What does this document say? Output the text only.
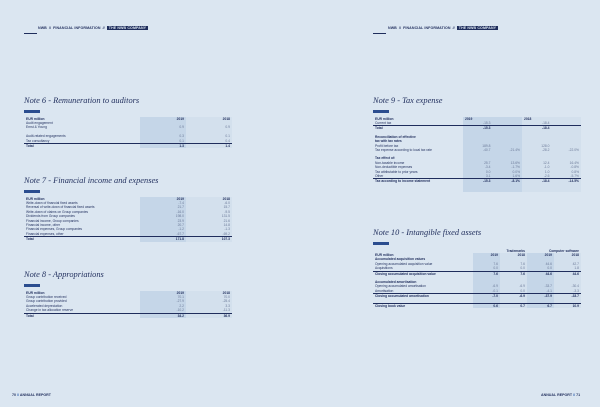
NWB // FINANCIAL INFORMATION //	THE NWB COMPANY	NWB // FINANCIAL INFORMATION //	THE NWB COMPANY
Note 6 - Remuneration to auditors
EUR million	2019	2018
Audit engagement		
Ernst & Young	0.9	0.9

Audit-related engagements	0.3	0.1
Tax consultancy	0.1	0.4
Total	1.3	1.4
Note 7 - Financial income and expenses
EUR million	2019	2018
Write-down of financial fixed assets	-7.4	-6.0
Reversal of write-down of financial fixed assets	21.7	15.7
Write-down of claims on Group companies	-16.0	-9.5
Dividends from Group companies	198.0	131.5
Financial income, Group companies	23.9	21.6
Financial income, other	20.7	14.8
Financial expenses, Group companies	-1.2	-1.3
Financial expenses, other	-67.7	-69.2
Total	171.8	107.3
Note 8 - Appropriations
EUR million	2019	2018
Group contribution received	70.1	70.0
Group contribution provided	-27.9	-25.4
Accelerated depreciation	2.2	3.3
Change in tax allocation reserve	-10.2	-11.3
Total	34.2	36.9
Note 9 - Tax expense
EUR million	2019		2018	
Current tax	-15.3		-18.4	
Total	-15.3		-18.4	

Reconciliation of effective				
tax with tax rates				
Profit before tax	189.8		128.0	
Tax expense according to local tax rate	-40.7	-21.4%	-28.2	-22.0%

Tax effect of:				
Non-taxable income	25.7	13.6%	12.4	16.4%
Non-deductible expenses	-3.4	-1.7%	-1.0	-0.8%
Tax attributable to prior years	0.0	0.0%	1.0	0.8%
Other	3.1	1.6%	-2.6	-5.7%
Tax according to income statement	-15.3	-8.1%	-18.4	-14.5%

Note 10 - Intangible fixed assets
	Trademarks		Computer software	
EUR million	2019	2018	2019	2018
Accumulated acquisition values				
Opening accumulated acquisition value	7.6	7.6	44.6	42.7
Acquisitions	0.0	0.0	0.0	1.8
Closing accumulated acquisition value	7.6	7.6	44.6	44.6

Accumulated amortisation				
Opening accumulated amortisation	-6.9	-6.9	-33.7	-30.4
Amortisation	-0.1	0.0	-4.1	-3.3
Closing accumulated amortisation	-7.0	-6.9	-37.9	-33.7

Closing book value	0.6	0.7	6.7	10.9
70 // ANNUAL REPORT	ANNUAL REPORT // 71
